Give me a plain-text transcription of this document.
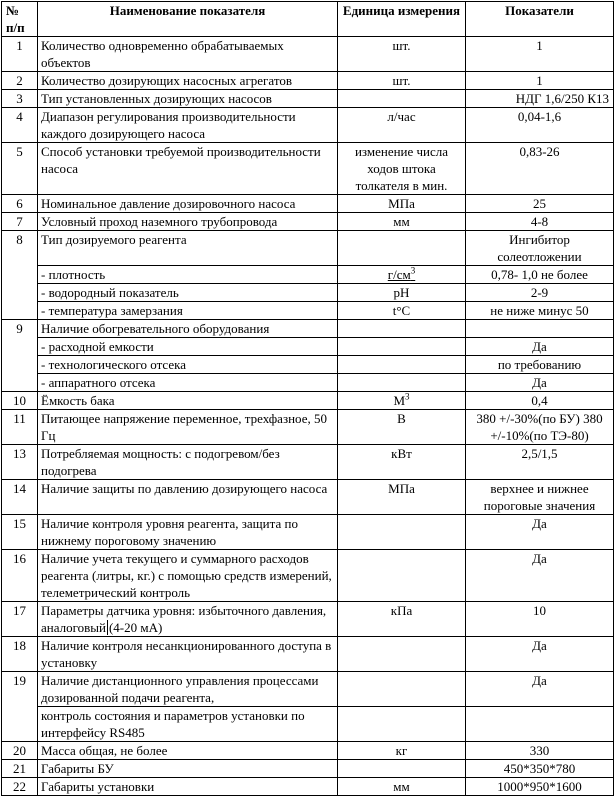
№ п/п	Наименование показателя	Единица измерения	Показатели
1	Количество одновременно обрабатываемых объектов	шт.	1
2	Количество дозирующих насосных агрегатов	шт.	1
3	Тип установленных дозирующих насосов		НДГ 1,6/250 К13
4	Диапазон регулирования производительности каждого дозирующего насоса	л/час	0,04-1,6
5	Способ установки требуемой производительности насоса	изменение числа ходов штока толкателя в мин.	0,83-26
6	Номинальное давление дозировочного насоса	МПа	25
7	Условный проход наземного трубопровода	мм	4-8
8	Тип дозируемого реагента		Ингибитор солеотложении
	- плотность	$г/см^3$	0,78- 1,0 не более
	- водородный показатель	pH	2-9
	- температура замерзания	t°C	не ниже минус 50
9	Наличие обогревательного оборудования		
	- расходной емкости		Да
	- технологического отсека		по требованию
	- аппаратного отсека		Да
10	Ёмкость бака	$М^3$	0,4
11	Питающее напряжение переменное, трехфазное, 50 Гц	В	380 +/-30%(по БУ) 380 +/-10%(по ТЭ-80)
13	Потребляемая мощность: с подогревом/без подогрева	кВт	2,5/1,5
14	Наличие защиты по давлению дозирующего насоса	МПа	верхнее и нижнее пороговые значения
15	Наличие контроля уровня реагента, защита по нижнему пороговому значению		Да
16	Наличие учета текущего и суммарного расходов реагента (литры, кг.) с помощью средств измерений, телеметрический контроль		Да
17	Параметры датчика уровня: избыточного давления, аналоговый (4-20 мА)	кПа	10
18	Наличие контроля несанкционированного доступа в установку		Да
19	Наличие дистанционного управления процессами дозированной подачи реагента,		Да
	контроль состояния и параметров установки по интерфейсу RS485		
20	Масса общая, не более	кг	330
21	Габариты БУ		450*350*780
22	Габариты установки	мм	1000*950*1600
